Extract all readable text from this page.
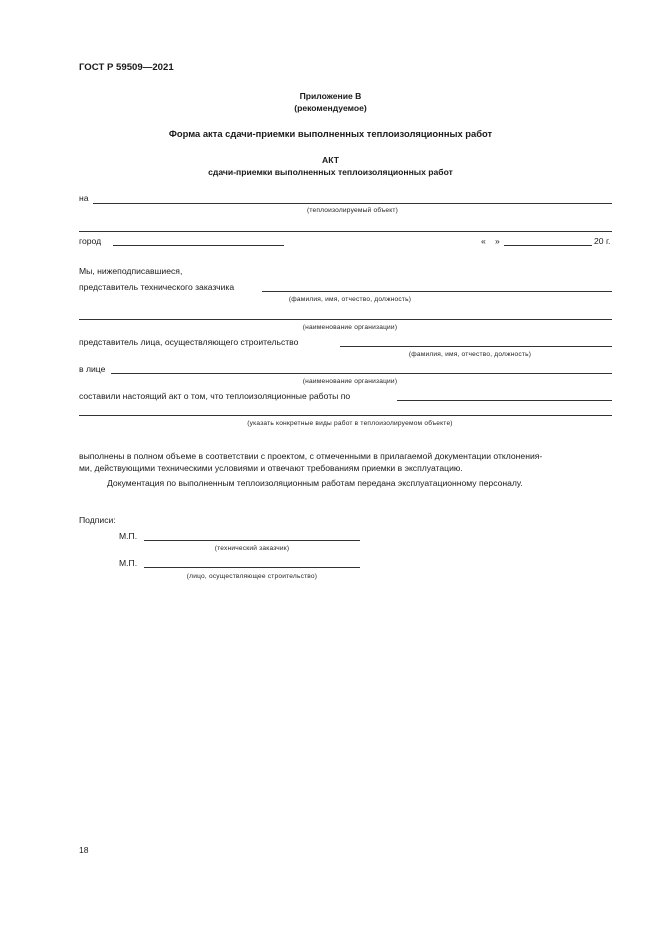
ГОСТ Р 59509—2021
Приложение В
(рекомендуемое)
Форма акта сдачи-приемки выполненных теплоизоляционных работ
АКТ
сдачи-приемки выполненных теплоизоляционных работ
на
(теплоизолируемый объект)
город	« »	20 г.
Мы, нижеподписавшиеся,
представитель технического заказчика
(фамилия, имя, отчество, должность)
(наименование организации)
представитель лица, осуществляющего строительство
(фамилия, имя, отчество, должность)
в лице
(наименование организации)
составили настоящий акт о том, что теплоизоляционные работы по
(указать конкретные виды работ в теплоизолируемом объекте)
выполнены в полном объеме в соответствии с проектом, с отмеченными в прилагаемой документации отклонения-
ми, действующими техническими условиями и отвечают требованиям приемки в эксплуатацию.
Документация по выполненным теплоизоляционным работам передана эксплуатационному персоналу.
Подписи:
М.П.
(технический заказчик)
М.П.
(лицо, осуществляющее строительство)
18
